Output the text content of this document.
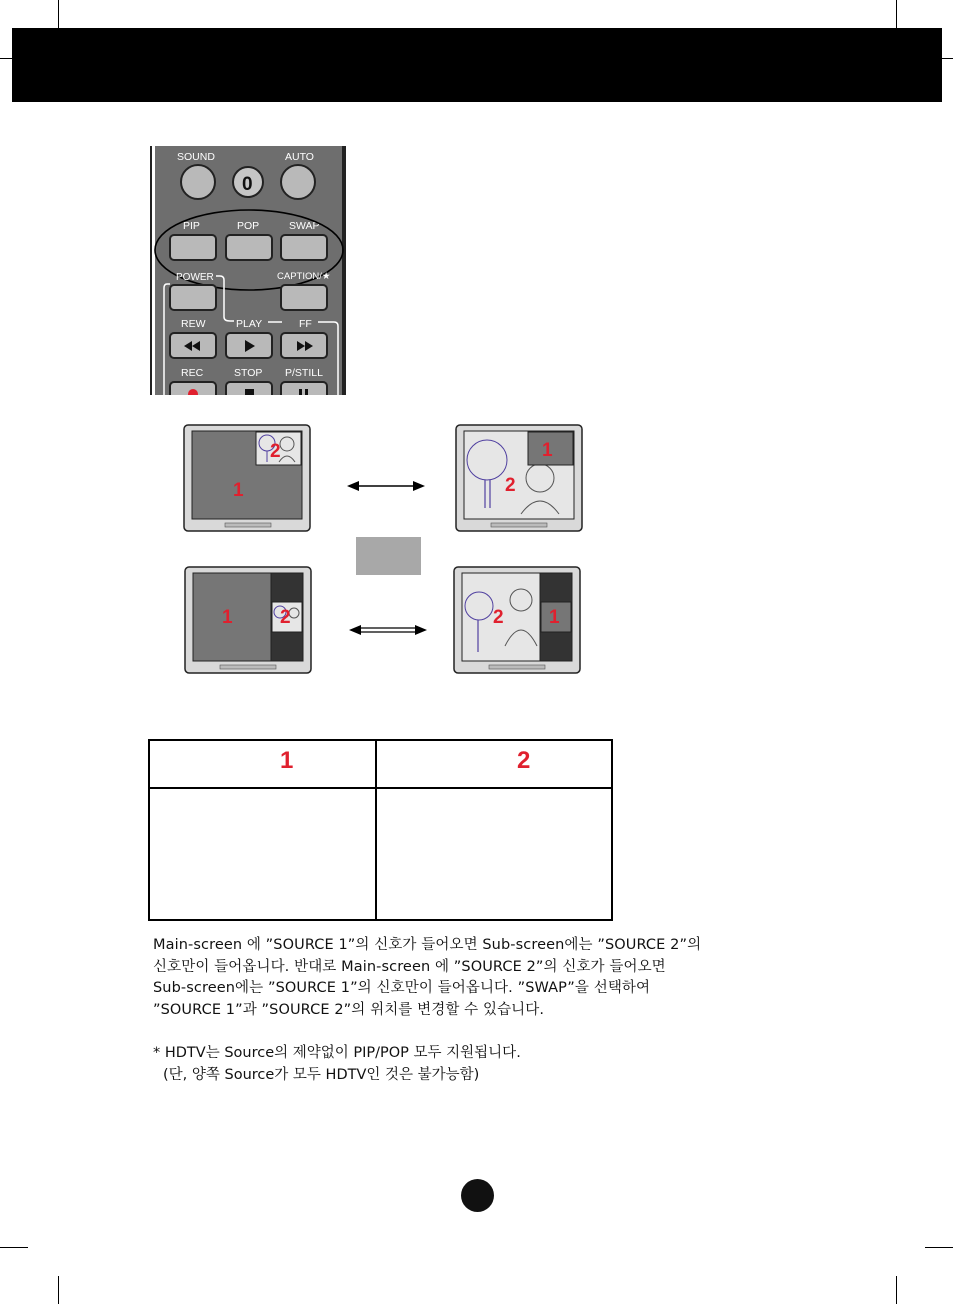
SOUND	AUTO
0
PIP	POP	SWAP
POWER	CAPTION/★
REW	PLAY	FF
REC	STOP P/STILL
2
1
1
2
1 2	2 1
1	2

Main-screen 에 ”SOURCE 1”의 신호가 들어오면 Sub-screen에는 ”SOURCE 2”의

신호만이 들어옵니다. 반대로 Main-screen 에 ”SOURCE 2”의 신호가 들어오면

Sub-screen에는 ”SOURCE 1”의 신호만이 들어옵니다. ”SWAP”을 선택하여

”SOURCE 1”과 ”SOURCE 2”의 위치를 변경할 수 있습니다.

* HDTV는 Source의 제약없이 PIP/POP 모두 지원됩니다.

(단, 양쪽 Source가 모두 HDTV인 것은 불가능함)
